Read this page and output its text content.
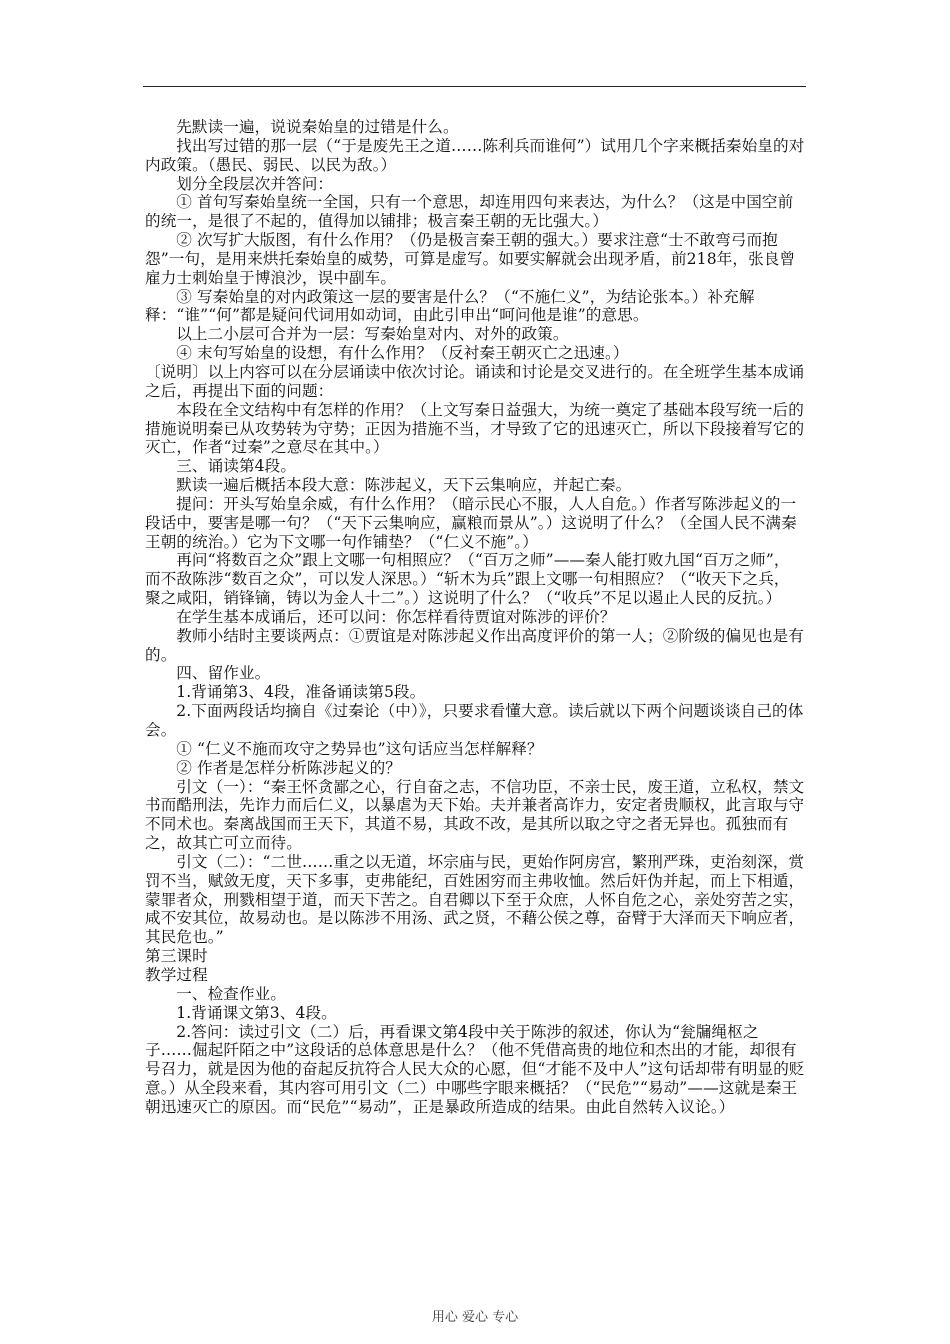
先默读一遍，说说秦始皇的过错是什么。

找出写过错的那一层（“于是废先王之道……陈利兵而谁何”）试用几个字来概括秦始皇的对内政策。（愚民、弱民、以民为敌。）

划分全段层次并答问：

① 首句写秦始皇统一全国，只有一个意思，却连用四句来表达，为什么？（这是中国空前的统一，是很了不起的，值得加以铺排；极言秦王朝的无比强大。）

② 次写扩大版图，有什么作用？（仍是极言秦王朝的强大。）要求注意“士不敢弯弓而抱怨”一句，是用来烘托秦始皇的威势，可算是虚写。如要实解就会出现矛盾，前218年，张良曾雇力士刺始皇于博浪沙，误中副车。

③ 写秦始皇的对内政策这一层的要害是什么？（“不施仁义”，为结论张本。）补充解释：“谁”“何”都是疑问代词用如动词，由此引申出“呵问他是谁”的意思。

以上二小层可合并为一层：写秦始皇对内、对外的政策。

④ 末句写始皇的设想，有什么作用？（反衬秦王朝灭亡之迅速。）

〔说明〕以上内容可以在分层诵读中依次讨论。诵读和讨论是交叉进行的。在全班学生基本成诵之后，再提出下面的问题：

本段在全文结构中有怎样的作用？（上文写秦日益强大，为统一奠定了基础本段写统一后的措施说明秦已从攻势转为守势；正因为措施不当，才导致了它的迅速灭亡，所以下段接着写它的灭亡，作者“过秦”之意尽在其中。）

三、诵读第4段。

默读一遍后概括本段大意：陈涉起义，天下云集响应，并起亡秦。

提问：开头写始皇余威，有什么作用？（暗示民心不服，人人自危。）作者写陈涉起义的一段话中，要害是哪一句？（“天下云集响应，赢粮而景从”。）这说明了什么？（全国人民不满秦王朝的统治。）它为下文哪一句作铺垫？（“仁义不施”。）

再问“将数百之众”跟上文哪一句相照应？（“百万之师”——秦人能打败九国“百万之师”，而不敌陈涉“数百之众”，可以发人深思。）“斩木为兵”跟上文哪一句相照应？（“收天下之兵，聚之咸阳，销锋镝，铸以为金人十二”。）这说明了什么？（“收兵”不足以遏止人民的反抗。）

在学生基本成诵后，还可以问：你怎样看待贾谊对陈涉的评价？

教师小结时主要谈两点：①贾谊是对陈涉起义作出高度评价的第一人；②阶级的偏见也是有的。

四、留作业。

1.背诵第3、4段，准备诵读第5段。

2.下面两段话均摘自《过秦论（中）》，只要求看懂大意。读后就以下两个问题谈谈自己的体会。

① “仁义不施而攻守之势异也”这句话应当怎样解释？

② 作者是怎样分析陈涉起义的？

引文（一）：“秦王怀贪鄙之心，行自奋之志，不信功臣，不亲士民，废王道，立私权，禁文书而酷刑法，先诈力而后仁义，以暴虐为天下始。夫并兼者高诈力，安定者贵顺权，此言取与守不同术也。秦离战国而王天下，其道不易，其政不改，是其所以取之守之者无异也。孤独而有之，故其亡可立而待。

引文（二）：“二世……重之以无道，坏宗庙与民，更始作阿房宫，繁刑严珠，吏治刻深，赏罚不当，赋敛无度，天下多事，吏弗能纪，百姓困穷而主弗收恤。然后奸伪并起，而上下相遁，蒙罪者众，刑戮相望于道，而天下苦之。自君卿以下至于众庶，人怀自危之心，亲处穷苦之实，咸不安其位，故易动也。是以陈涉不用汤、武之贤，不藉公侯之尊，奋臂于大泽而天下响应者，其民危也。”

第三课时

教学过程

一、检查作业。

1.背诵课文第3、4段。

2.答问：读过引文（二）后，再看课文第4段中关于陈涉的叙述，你认为“瓮牖绳枢之子……倔起阡陌之中”这段话的总体意思是什么？（他不凭借高贵的地位和杰出的才能，却很有号召力，就是因为他的奋起反抗符合人民大众的心愿，但“才能不及中人”这句话却带有明显的贬意。）从全段来看，其内容可用引文（二）中哪些字眼来概括？（“民危”“易动”——这就是秦王朝迅速灭亡的原因。而“民危”“易动”，正是暴政所造成的结果。由此自然转入议论。）

用心 爱心 专心
